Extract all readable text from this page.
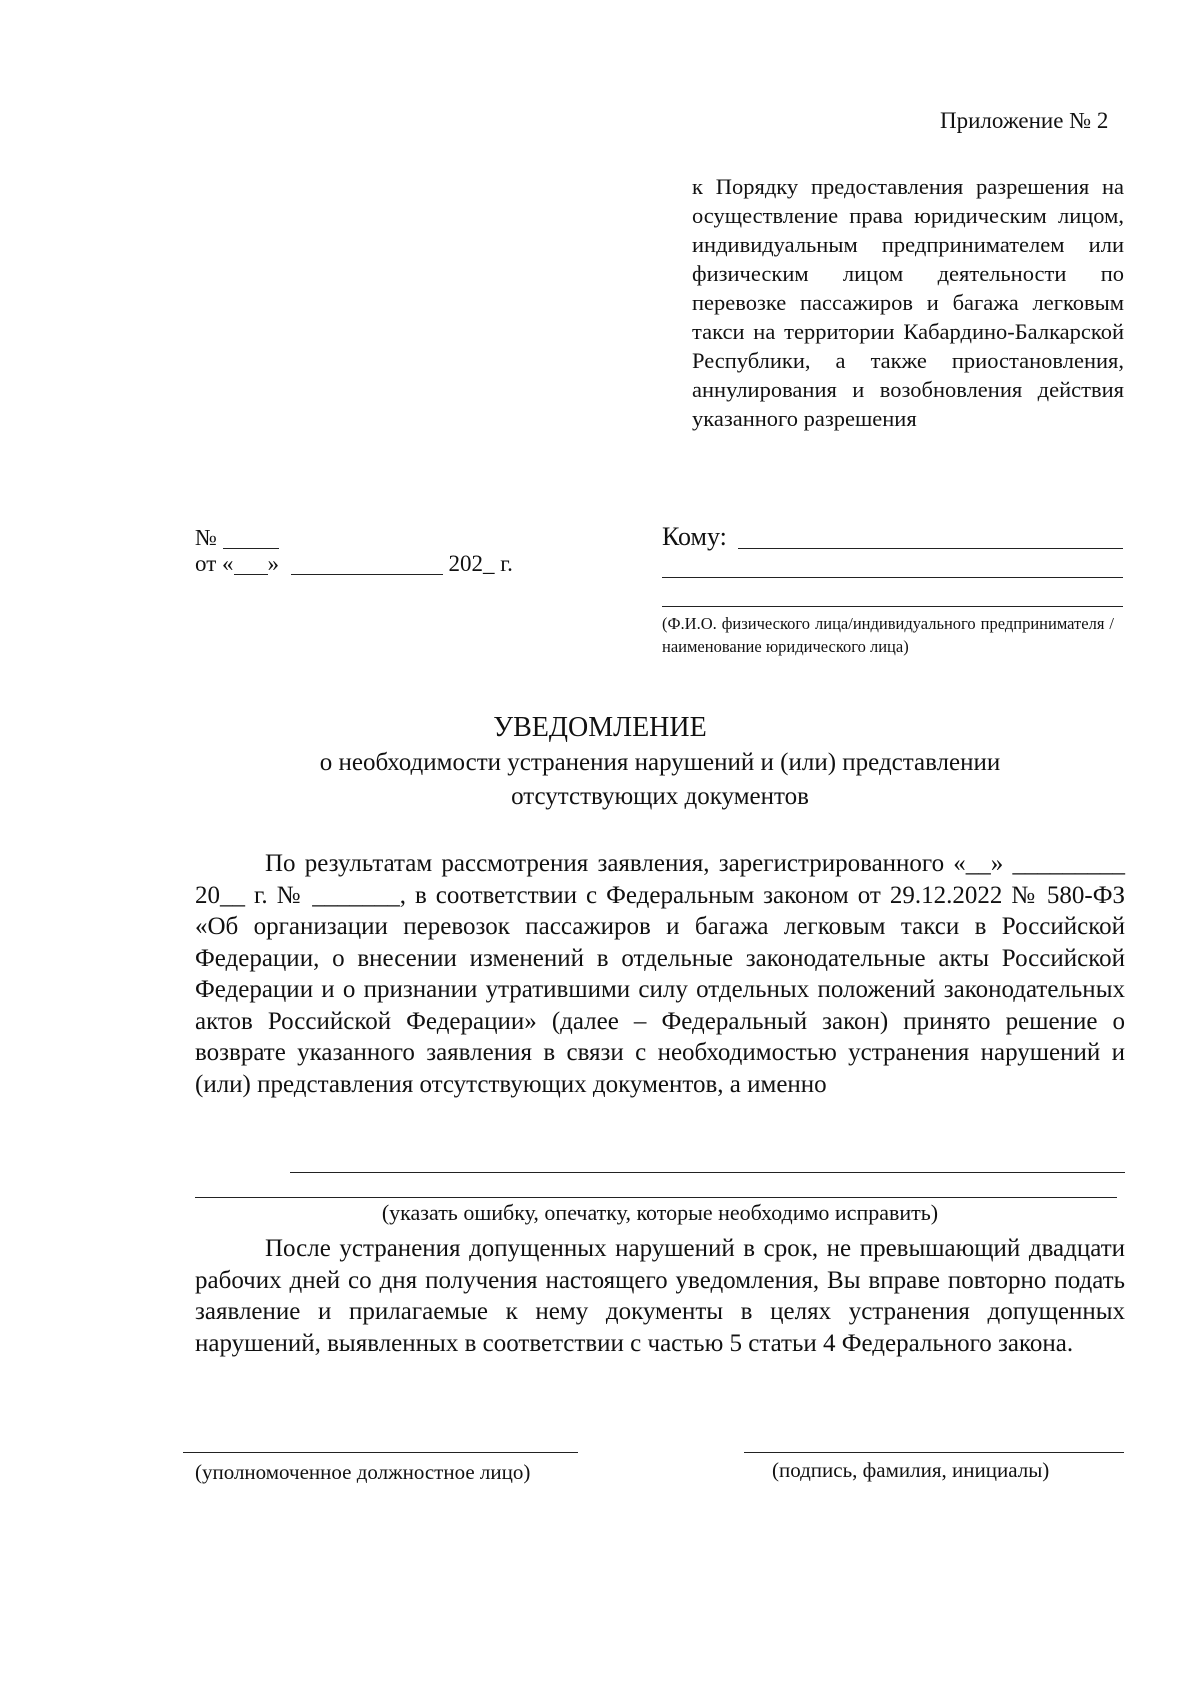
Приложение № 2
к Порядку предоставления разрешения на осуществление права юридическим лицом, индивидуальным предпринимателем или физическим лицом деятельности по перевозке пассажиров и багажа легковым такси на территории Кабардино-Балкарской Республики, а также приостановления, аннулирования и возобновления действия указанного разрешения
№
от « »	202_ г.
Кому:
(Ф.И.О. физического лица/индивидуального предпринимателя / наименование юридического лица)
УВЕДОМЛЕНИЕ
о необходимости устранения нарушений и (или) представлении отсутствующих документов
По результатам рассмотрения заявления, зарегистрированного «__» _________ 20__ г. № _______, в соответствии с Федеральным законом от 29.12.2022 № 580-ФЗ «Об организации перевозок пассажиров и багажа легковым такси в Российской Федерации, о внесении изменений в отдельные законодательные акты Российской Федерации и о признании утратившими силу отдельных положений законодательных актов Российской Федерации» (далее – Федеральный закон) принято решение о возврате указанного заявления в связи с необходимостью устранения нарушений и (или) представления отсутствующих документов, а именно
(указать ошибку, опечатку, которые необходимо исправить)
После устранения допущенных нарушений в срок, не превышающий двадцати рабочих дней со дня получения настоящего уведомления, Вы вправе повторно подать заявление и прилагаемые к нему документы в целях устранения допущенных нарушений, выявленных в соответствии с частью 5 статьи 4 Федерального закона.
(уполномоченное должностное лицо)	(подпись, фамилия, инициалы)
